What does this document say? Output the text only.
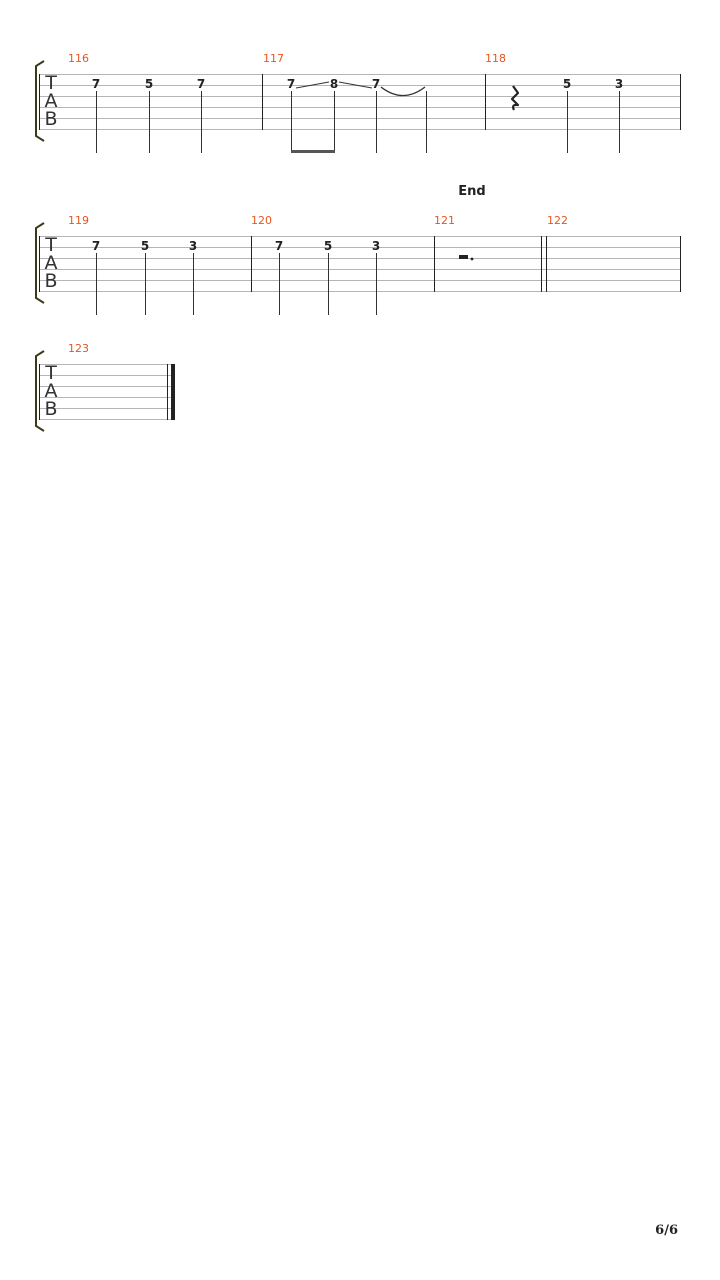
T
A
B
116	117	118
7	5	7	7	8	7	5	3
End
T
A
B
119	120	121	122
7	5	3	7	5	3
T
A
B
123
6/6
